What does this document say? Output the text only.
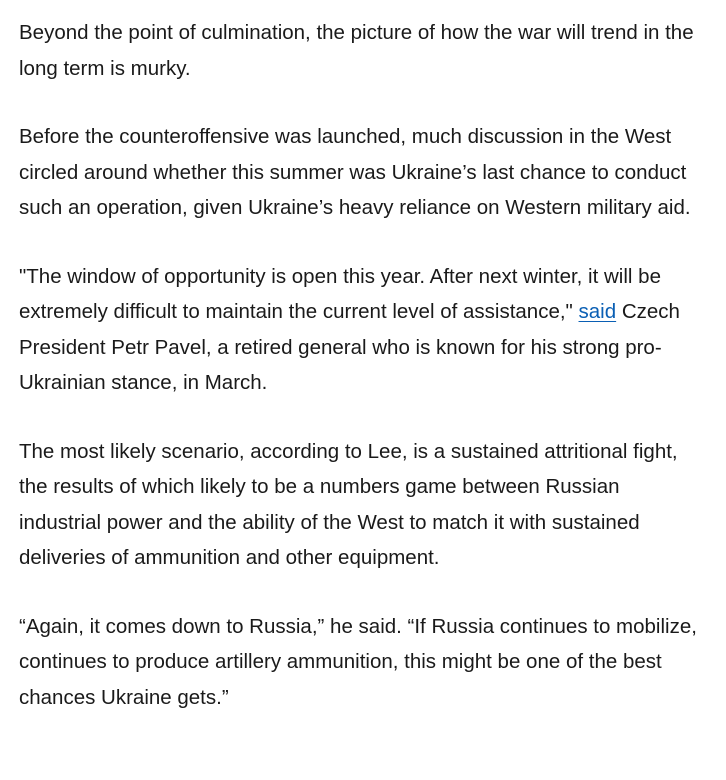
Beyond the point of culmination, the picture of how the war will trend in the long term is murky.

Before the counteroffensive was launched, much discussion in the West circled around whether this summer was Ukraine’s last chance to conduct such an operation, given Ukraine’s heavy reliance on Western military aid.

"The window of opportunity is open this year. After next winter, it will be extremely difficult to maintain the current level of assistance," said Czech President Petr Pavel, a retired general who is known for his strong pro-Ukrainian stance, in March.

The most likely scenario, according to Lee, is a sustained attritional fight, the results of which likely to be a numbers game between Russian industrial power and the ability of the West to match it with sustained deliveries of ammunition and other equipment.

“Again, it comes down to Russia,” he said. “If Russia continues to mobilize, continues to produce artillery ammunition, this might be one of the best chances Ukraine gets.”
